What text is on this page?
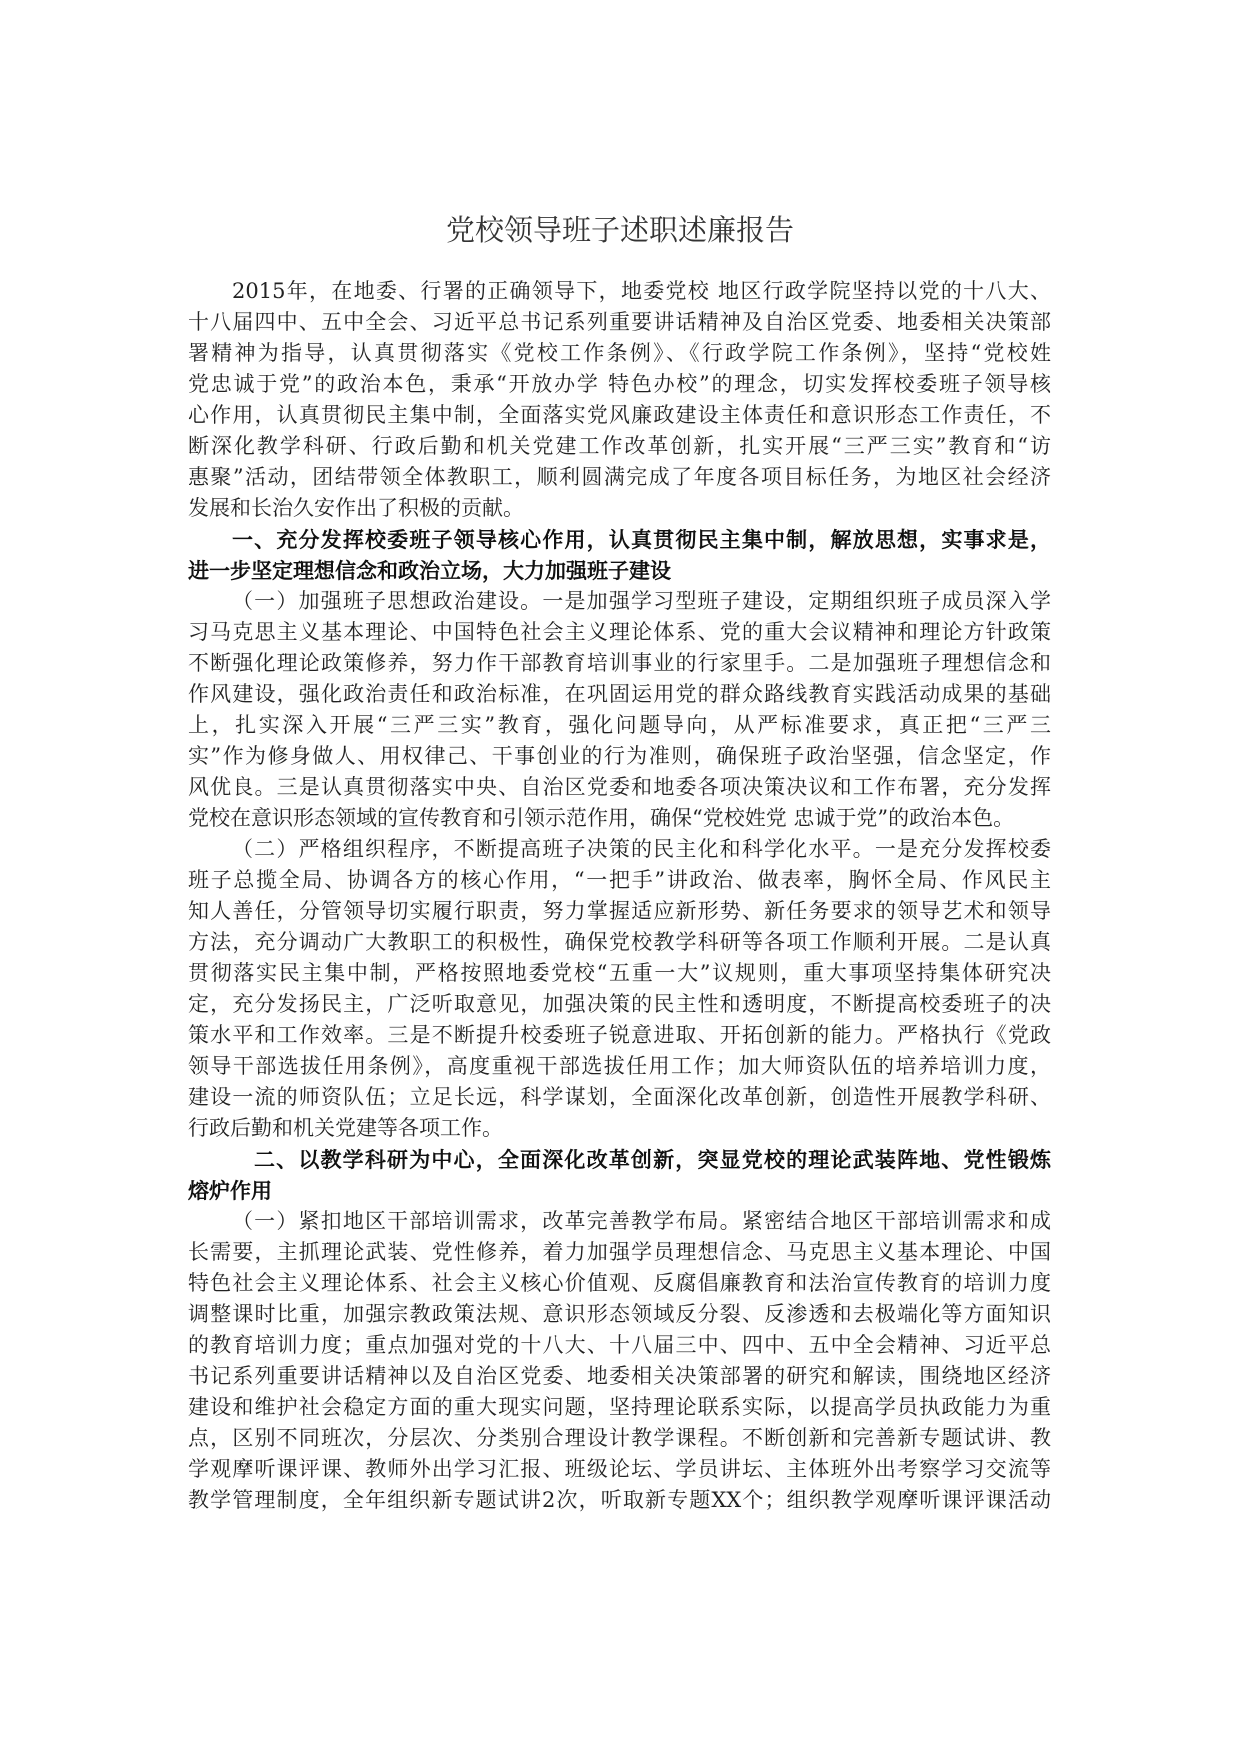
党校领导班子述职述廉报告
2015年，在地委、行署的正确领导下，地委党校 地区行政学院坚持以党的十八大、
十八届四中、五中全会、习近平总书记系列重要讲话精神及自治区党委、地委相关决策部
署精神为指导，认真贯彻落实《党校工作条例》、《行政学院工作条例》，坚持“党校姓
党忠诚于党”的政治本色，秉承“开放办学 特色办校”的理念，切实发挥校委班子领导核
心作用，认真贯彻民主集中制，全面落实党风廉政建设主体责任和意识形态工作责任，不
断深化教学科研、行政后勤和机关党建工作改革创新，扎实开展“三严三实”教育和“访
惠聚”活动，团结带领全体教职工，顺利圆满完成了年度各项目标任务，为地区社会经济
发展和长治久安作出了积极的贡献。
一、充分发挥校委班子领导核心作用，认真贯彻民主集中制，解放思想，实事求是，
进一步坚定理想信念和政治立场，大力加强班子建设
（一）加强班子思想政治建设。一是加强学习型班子建设，定期组织班子成员深入学
习马克思主义基本理论、中国特色社会主义理论体系、党的重大会议精神和理论方针政策
不断强化理论政策修养，努力作干部教育培训事业的行家里手。二是加强班子理想信念和
作风建设，强化政治责任和政治标准，在巩固运用党的群众路线教育实践活动成果的基础
上，扎实深入开展“三严三实”教育，强化问题导向，从严标准要求，真正把“三严三
实”作为修身做人、用权律己、干事创业的行为准则，确保班子政治坚强，信念坚定，作
风优良。三是认真贯彻落实中央、自治区党委和地委各项决策决议和工作布署，充分发挥
党校在意识形态领域的宣传教育和引领示范作用，确保“党校姓党 忠诚于党”的政治本色。
（二）严格组织程序，不断提高班子决策的民主化和科学化水平。一是充分发挥校委
班子总揽全局、协调各方的核心作用，“一把手”讲政治、做表率，胸怀全局、作风民主
知人善任，分管领导切实履行职责，努力掌握适应新形势、新任务要求的领导艺术和领导
方法，充分调动广大教职工的积极性，确保党校教学科研等各项工作顺利开展。二是认真
贯彻落实民主集中制，严格按照地委党校“五重一大”议规则，重大事项坚持集体研究决
定，充分发扬民主，广泛听取意见，加强决策的民主性和透明度，不断提高校委班子的决
策水平和工作效率。三是不断提升校委班子锐意进取、开拓创新的能力。严格执行《党政
领导干部选拔任用条例》，高度重视干部选拔任用工作；加大师资队伍的培养培训力度，
建设一流的师资队伍；立足长远，科学谋划，全面深化改革创新，创造性开展教学科研、
行政后勤和机关党建等各项工作。
二、以教学科研为中心，全面深化改革创新，突显党校的理论武装阵地、党性锻炼
熔炉作用
（一）紧扣地区干部培训需求，改革完善教学布局。紧密结合地区干部培训需求和成
长需要，主抓理论武装、党性修养，着力加强学员理想信念、马克思主义基本理论、中国
特色社会主义理论体系、社会主义核心价值观、反腐倡廉教育和法治宣传教育的培训力度
调整课时比重，加强宗教政策法规、意识形态领域反分裂、反渗透和去极端化等方面知识
的教育培训力度；重点加强对党的十八大、十八届三中、四中、五中全会精神、习近平总
书记系列重要讲话精神以及自治区党委、地委相关决策部署的研究和解读，围绕地区经济
建设和维护社会稳定方面的重大现实问题，坚持理论联系实际，以提高学员执政能力为重
点，区别不同班次，分层次、分类别合理设计教学课程。不断创新和完善新专题试讲、教
学观摩听课评课、教师外出学习汇报、班级论坛、学员讲坛、主体班外出考察学习交流等
教学管理制度，全年组织新专题试讲2次，听取新专题XX个；组织教学观摩听课评课活动
